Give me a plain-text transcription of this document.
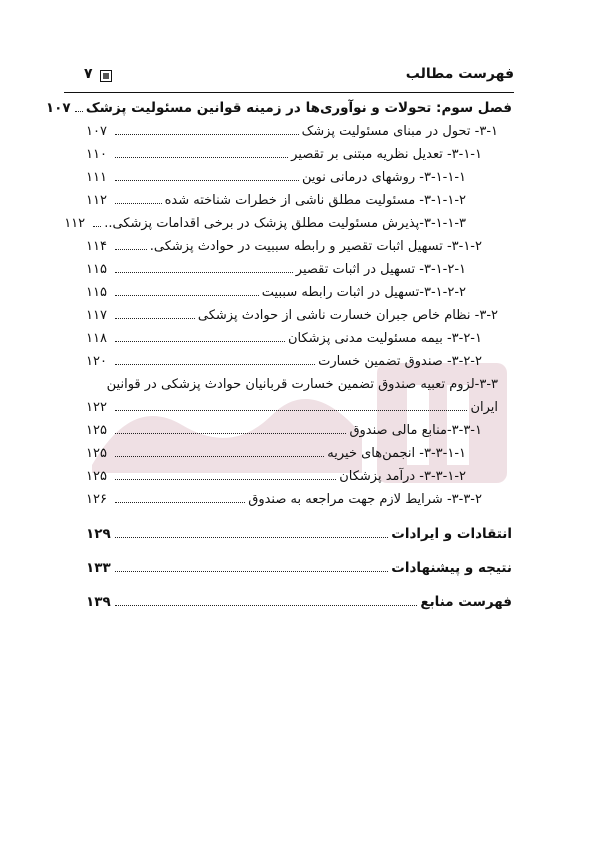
فهرست مطالب
۷
فصل سوم: تحولات و نوآوری‌ها در زمینه قوانین مسئولیت پزشک
۱۰۷
۳-۱- تحول در مبنای مسئولیت پزشک
۱۰۷
۳-۱-۱- تعدیل نظریه مبتنی بر تقصیر
۱۱۰
۳-۱-۱-۱- روشهای درمانی نوین
۱۱۱
۳-۱-۱-۲- مسئولیت مطلق ناشی از خطرات شناخته شده
۱۱۲
۳-۱-۱-۳-پذیرش مسئولیت مطلق پزشک در برخی اقدامات پزشکی..
۱۱۲
۳-۱-۲- تسهیل اثبات تقصیر و رابطه سببیت در حوادث پزشکی.
۱۱۴
۳-۱-۲-۱- تسهیل در اثبات تقصیر
۱۱۵
۳-۱-۲-۲-تسهیل در اثبات رابطه سببیت
۱۱۵
۳-۲- نظام خاص جبران خسارت ناشی از حوادث پزشکی
۱۱۷
۳-۲-۱- بیمه مسئولیت مدنی پزشکان
۱۱۸
۳-۲-۲- صندوق تضمین خسارت
۱۲۰
۳-۳-لزوم تعبیه صندوق تضمین خسارت قربانیان حوادث پزشکی در قوانین
ایران
۱۲۲
۳-۳-۱-منابع مالی صندوق
۱۲۵
۳-۳-۱-۱- انجمن‌های خیریه
۱۲۵
۳-۳-۱-۲- درآمد پزشکان
۱۲۵
۳-۳-۲- شرایط لازم جهت مراجعه به صندوق
۱۲۶
انتقادات و ایرادات
۱۲۹
نتیجه و پیشنهادات
۱۳۳
فهرست منابع
۱۳۹
